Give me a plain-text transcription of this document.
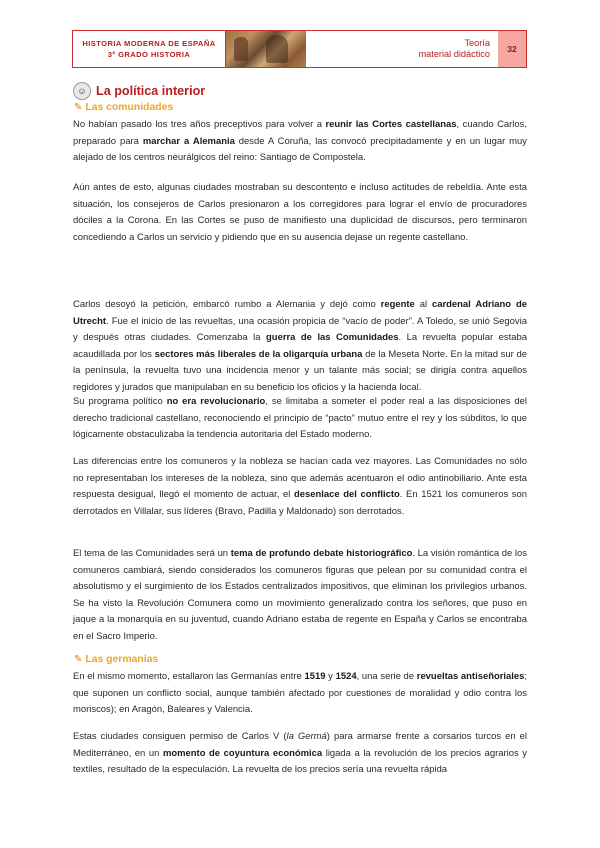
HISTORIA MODERNA DE ESPAÑA
3º GRADO HISTORIA
Teoría
material didáctico	32
☺ La política interior
✎ Las comunidades
No habían pasado los tres años preceptivos para volver a reunir las Cortes castellanas, cuando Carlos, preparado para marchar a Alemania desde A Coruña, las convocó precipitadamente y en un lugar muy alejado de los centros neurálgicos del reino: Santiago de Compostela.
Aún antes de esto, algunas ciudades mostraban su descontento e incluso actitudes de rebeldía. Ante esta situación, los consejeros de Carlos presionaron a los corregidores para lograr el envío de procuradores dóciles a la Corona. En las Cortes se puso de manifiesto una duplicidad de discursos, pero terminaron concediendo a Carlos un servicio y pidiendo que en su ausencia dejase un regente castellano.
Carlos desoyó la petición, embarcó rumbo a Alemania y dejó como regente al cardenal Adriano de Utrecht. Fue el inicio de las revueltas, una ocasión propicia de “vacío de poder”. A Toledo, se unió Segovia y después otras ciudades. Comenzaba la guerra de las Comunidades. La revuelta popular estaba acaudillada por los sectores más liberales de la oligarquía urbana de la Meseta Norte. En la mitad sur de la península, la revuelta tuvo una incidencia menor y un talante más social; se dirigía contra aquellos regidores y jurados que manipulaban en su beneficio los oficios y la hacienda local.
Su programa político no era revolucionario, se limitaba a someter el poder real a las disposiciones del derecho tradicional castellano, reconociendo el principio de “pacto” mutuo entre el rey y los súbditos, lo que lógicamente obstaculizaba la tendencia autoritaria del Estado moderno.
Las diferencias entre los comuneros y la nobleza se hacían cada vez mayores. Las Comunidades no sólo no representaban los intereses de la nobleza, sino que además acentuaron el odio antinobiliario. Ante esta respuesta desigual, llegó el momento de actuar, el desenlace del conflicto. En 1521 los comuneros son derrotados en Villalar, sus líderes (Bravo, Padilla y Maldonado) son derrotados.
El tema de las Comunidades será un tema de profundo debate historiográfico. La visión romántica de los comuneros cambiará, siendo considerados los comuneros figuras que pelean por su comunidad contra el absolutismo y el surgimiento de los Estados centralizados impositivos, que eliminan los privilegios urbanos. Se ha visto la Revolución Comunera como un movimiento generalizado contra los señores, que puso en jaque a la monarquía en su juventud, cuando Adriano estaba de regente en España y Carlos se encontraba en el Sacro Imperio.
✎ Las germanías
En el mismo momento, estallaron las Germanías entre 1519 y 1524, una serie de revueltas antiseñoriales; que suponen un conflicto social, aunque también afectado por cuestiones de moralidad y odio contra los moriscos); en Aragón, Baleares y Valencia.
Estas ciudades consiguen permiso de Carlos V (la Germá) para armarse frente a corsarios turcos en el Mediterráneo, en un momento de coyuntura económica ligada a la revolución de los precios agrarios y textiles, resultado de la especulación. La revuelta de los precios sería una revuelta rápida
